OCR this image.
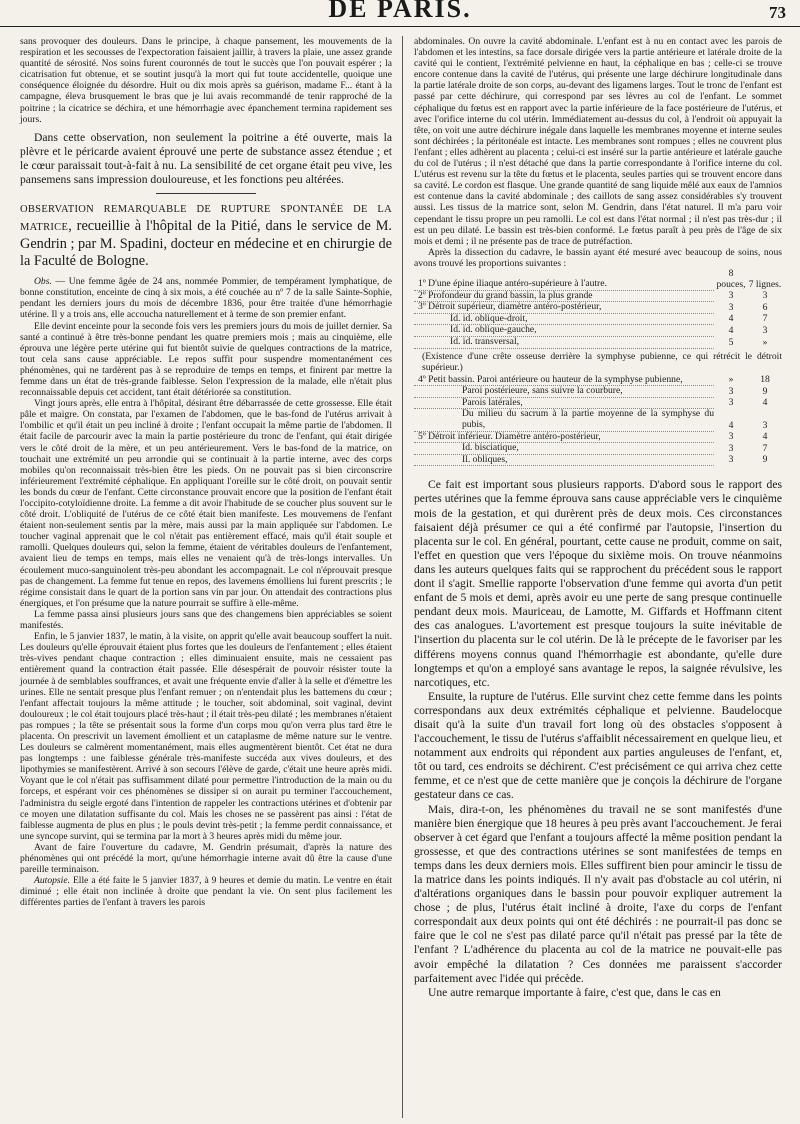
DE PARIS.	73

sans provoquer des douleurs. Dans le principe, à chaque pansement, les mouvements de la respiration et les secousses de l'expectoration faisaient jaillir, à travers la plaie, une assez grande quantité de sérosité. Nos soins furent couronnés de tout le succès que l'on pouvait espérer ; la cicatrisation fut obtenue, et se soutint jusqu'à la mort qui fut toute accidentelle, quoique une conséquence éloignée du désordre. Huit ou dix mois après sa guérison, madame F... étant à la campagne, éleva brusquement le bras que je lui avais recommandé de tenir rapproché de la poitrine ; la cicatrice se déchira, et une hémorrhagie avec épanchement termina rapidement ses jours.

Dans cette observation, non seulement la poitrine a été ouverte, mais la plèvre et le péricarde avaient éprouvé une perte de substance assez étendue ; et le cœur paraissait tout-à-fait à nu. La sensibilité de cet organe était peu vive, les pansemens sans impression douloureuse, et les fonctions peu altérées.

OBSERVATION REMARQUABLE DE RUPTURE SPONTANÉE DE LA MATRICE, recueillie à l'hôpital de la Pitié, dans le service de M. Gendrin ; par M. Spadini, docteur en médecine et en chirurgie de la Faculté de Bologne.

Obs. — Une femme âgée de 24 ans, nommée Pommier, de tempérament lymphatique, de bonne constitution, enceinte de cinq à six mois, a été couchée au nº 7 de la salle Sainte-Sophie, pendant les derniers jours du mois de décembre 1836, pour être traitée d'une hémorrhagie utérine. Il y a trois ans, elle accoucha naturellement et à terme de son premier enfant.

Elle devint enceinte pour la seconde fois vers les premiers jours du mois de juillet dernier. Sa santé a continué à être très-bonne pendant les quatre premiers mois ; mais au cinquième, elle éprouva une légère perte utérine qui fut bientôt suivie de quelques contractions de la matrice, tout cela sans cause appréciable. Le repos suffit pour suspendre momentanément ces phénomènes, qui ne tardèrent pas à se reproduire de temps en temps, et finirent par mettre la femme dans un état de très-grande faiblesse. Selon l'expression de la malade, elle n'était plus reconnaissable depuis cet accident, tant était détériorée sa constitution.

Vingt jours après, elle entra à l'hôpital, désirant être débarrassée de cette grossesse. Elle était pâle et maigre. On constata, par l'examen de l'abdomen, que le bas-fond de l'utérus arrivait à l'ombilic et qu'il était un peu incliné à droite ; l'enfant occupait la même partie de l'abdomen. Il était facile de parcourir avec la main la partie postérieure du tronc de l'enfant, qui était dirigée vers le côté droit de la mère, et un peu antérieurement. Vers le bas-fond de la matrice, on touchait une extrémité un peu arrondie qui se continuait à la partie interne, avec des corps mobiles qu'on reconnaissait très-bien être les pieds. On ne pouvait pas si bien circonscrire inférieurement l'extrémité céphalique. En appliquant l'oreille sur le côté droit, on pouvait sentir les bonds du cœur de l'enfant. Cette circonstance prouvait encore que la position de l'enfant était l'occipito-cotyloïdienne droite. La femme a dit avoir l'habitude de se coucher plus souvent sur le côté droit. L'obliquité de l'utérus de ce côté était bien manifeste. Les mouvemens de l'enfant étaient non-seulement sentis par la mère, mais aussi par la main appliquée sur l'abdomen. Le toucher vaginal apprenait que le col n'était pas entièrement effacé, mais qu'il était souple et ramolli. Quelques douleurs qui, selon la femme, étaient de véritables douleurs de l'enfantement, avaient lieu de temps en temps, mais elles ne venaient qu'à de très-longs intervalles. Un écoulement muco-sanguinolent très-peu abondant les accompagnait. Le col n'éprouvait presque pas de changement. La femme fut tenue en repos, des lavemens émolliens lui furent prescrits ; le régime consistait dans le quart de la portion sans vin par jour. On attendait des contractions plus énergiques, et l'on présume que la nature pourrait se suffire à elle-même.

La femme passa ainsi plusieurs jours sans que des changemens bien appréciables se soient manifestés.

Enfin, le 5 janvier 1837, le matin, à la visite, on apprit qu'elle avait beaucoup souffert la nuit. Les douleurs qu'elle éprouvait étaient plus fortes que les douleurs de l'enfantement ; elles étaient très-vives pendant chaque contraction ; elles diminuaient ensuite, mais ne cessaient pas entièrement quand la contraction était passée. Elle désespérait de pouvoir résister toute la journée à de semblables souffrances, et avait une fréquente envie d'aller à la selle et d'émettre les urines. Elle ne sentait presque plus l'enfant remuer ; on n'entendait plus les battemens du cœur ; l'enfant affectait toujours la même attitude ; le toucher, soit abdominal, soit vaginal, devint douloureux ; le col était toujours placé très-haut ; il était très-peu dilaté ; les membranes n'étaient pas rompues ; la tête se présentait sous la forme d'un corps mou qu'on verra plus tard être le placenta. On prescrivit un lavement émollient et un cataplasme de même nature sur le ventre. Les douleurs se calmèrent momentanément, mais elles augmentèrent bientôt. Cet état ne dura pas longtemps : une faiblesse générale très-manifeste succéda aux vives douleurs, et des lipothymies se manifestèrent. Arrivé à son secours l'élève de garde, c'était une heure après midi. Voyant que le col n'était pas suffisamment dilaté pour permettre l'introduction de la main ou du forceps, et espérant voir ces phénomènes se dissiper si on aurait pu terminer l'accouchement, l'administra du seigle ergoté dans l'intention de rappeler les contractions utérines et d'obtenir par ce moyen une dilatation suffisante du col. Mais les choses ne se passèrent pas ainsi : l'état de faiblesse augmenta de plus en plus ; le pouls devint très-petit ; la femme perdit connaissance, et une syncope survint, qui se termina par la mort à 3 heures après midi du même jour.

Avant de faire l'ouverture du cadavre, M. Gendrin présumait, d'après la nature des phénomènes qui ont précédé la mort, qu'une hémorrhagie interne avait dû être la cause d'une pareille terminaison.

Autopsie. Elle a été faite le 5 janvier 1837, à 9 heures et demie du matin. Le ventre en était diminué ; elle était non inclinée à droite que pendant la vie. On sent plus facilement les différentes parties de l'enfant à travers les parois

abdominales. On ouvre la cavité abdominale. L'enfant est à nu en contact avec les parois de l'abdomen et les intestins, sa face dorsale dirigée vers la partie antérieure et latérale droite de la cavité qui le contient, l'extrémité pelvienne en haut, la céphalique en bas ; celle-ci se trouve encore contenue dans la cavité de l'utérus, qui présente une large déchirure longitudinale dans la partie latérale droite de son corps, au-devant des ligamens larges. Tout le tronc de l'enfant est passé par cette déchirure, qui correspond par ses lèvres au col de l'enfant. Le sommet céphalique du fœtus est en rapport avec la partie inférieure de la face postérieure de l'utérus, et avec l'orifice interne du col utérin. Immédiatement au-dessus du col, à l'endroit où appuyait la tête, on voit une autre déchirure inégale dans laquelle les membranes moyenne et interne seules sont déchirées ; la péritonéale est intacte. Les membranes sont rompues ; elles ne couvrent plus l'enfant ; elles adhèrent au placenta ; celui-ci est inséré sur la partie antérieure et latérale gauche du col de l'utérus ; il n'est détaché que dans la partie correspondante à l'orifice interne du col. L'utérus est revenu sur la tête du fœtus et le placenta, seules parties qui se trouvent encore dans sa cavité. Le cordon est flasque. Une grande quantité de sang liquide mêlé aux eaux de l'amnios est contenue dans la cavité abdominale ; des caillots de sang assez considérables s'y trouvent aussi. Les tissus de la matrice sont, selon M. Gendrin, dans l'état naturel. Il m'a paru voir cependant le tissu propre un peu ramolli. Le col est dans l'état normal ; il n'est pas très-dur ; il est un peu dilaté. Le bassin est très-bien conformé. Le fœtus paraît à peu près de l'âge de six mois et demi ; il ne présente pas de trace de putréfaction.

Après la dissection du cadavre, le bassin ayant été mesuré avec beaucoup de soins, nous avons trouvé les proportions suivantes :

1º D'une épine iliaque antéro-supérieure à l'autre.	8 pouces,	7 lignes.
2º Profondeur du grand bassin, la plus grande	3	3
3º Détroit supérieur, diamètre antéro-postérieur,	3	6
Id. id. oblique-droit,	4	7
Id. id. oblique-gauche,	4	3
Id. id. transversal,	5	»

(Existence d'une crête osseuse derrière la symphyse pubienne, ce qui rétrécit le détroit supérieur.)

4º Petit bassin. Paroi antérieure ou hauteur de la symphyse pubienne,	»	18
Paroi postérieure, sans suivre la courbure,	3	9
Parois latérales,	3	4
Du milieu du sacrum à la partie moyenne de la symphyse du pubis,	4	3
5º Détroit inférieur. Diamètre antéro-postérieur,	3	4
Id. bisciatique,	3	7
Il. obliques,	3	9

Ce fait est important sous plusieurs rapports. D'abord sous le rapport des pertes utérines que la femme éprouva sans cause appréciable vers le cinquième mois de la gestation, et qui durèrent près de deux mois. Ces circonstances faisaient déjà présumer ce qui a été confirmé par l'autopsie, l'insertion du placenta sur le col. En général, pourtant, cette cause ne produit, comme on sait, l'effet en question que vers l'époque du sixième mois. On trouve néanmoins dans les auteurs quelques faits qui se rapprochent du précédent sous le rapport dont il s'agit. Smellie rapporte l'observation d'une femme qui avorta d'un petit enfant de 5 mois et demi, après avoir eu une perte de sang presque continuelle pendant deux mois. Mauriceau, de Lamotte, M. Giffards et Hoffmann citent des cas analogues. L'avortement est presque toujours la suite inévitable de l'insertion du placenta sur le col utérin. De là le précepte de le favoriser par les différens moyens connus quand l'hémorrhagie est abondante, qu'elle dure longtemps et qu'on a employé sans avantage le repos, la saignée révulsive, les narcotiques, etc.

Ensuite, la rupture de l'utérus. Elle survint chez cette femme dans les points correspondans aux deux extrémités céphalique et pelvienne. Baudelocque disait qu'à la suite d'un travail fort long où des obstacles s'opposent à l'accouchement, le tissu de l'utérus s'affaiblit nécessairement en quelque lieu, et notamment aux endroits qui répondent aux parties anguleuses de l'enfant, et, tôt ou tard, ces endroits se déchirent. C'est précisément ce qui arriva chez cette femme, et ce n'est que de cette manière que je conçois la déchirure de l'organe gestateur dans ce cas.

Mais, dira-t-on, les phénomènes du travail ne se sont manifestés d'une manière bien énergique que 18 heures à peu près avant l'accouchement. Je ferai observer à cet égard que l'enfant a toujours affecté la même position pendant la grossesse, et que des contractions utérines se sont manifestées de temps en temps dans les deux derniers mois. Elles suffirent bien pour amincir le tissu de la matrice dans les points indiqués. Il n'y avait pas d'obstacle au col utérin, ni d'altérations organiques dans le bassin pour pouvoir expliquer autrement la chose ; de plus, l'utérus était incliné à droite, l'axe du corps de l'enfant correspondait aux deux points qui ont été déchirés : ne pourrait-il pas donc se faire que le col ne s'est pas dilaté parce qu'il n'était pas pressé par la tête de l'enfant ? L'adhérence du placenta au col de la matrice ne pouvait-elle pas avoir empêché la dilatation ? Ces données me paraissent s'accorder parfaitement avec l'idée qui précède.

Une autre remarque importante à faire, c'est que, dans le cas en
